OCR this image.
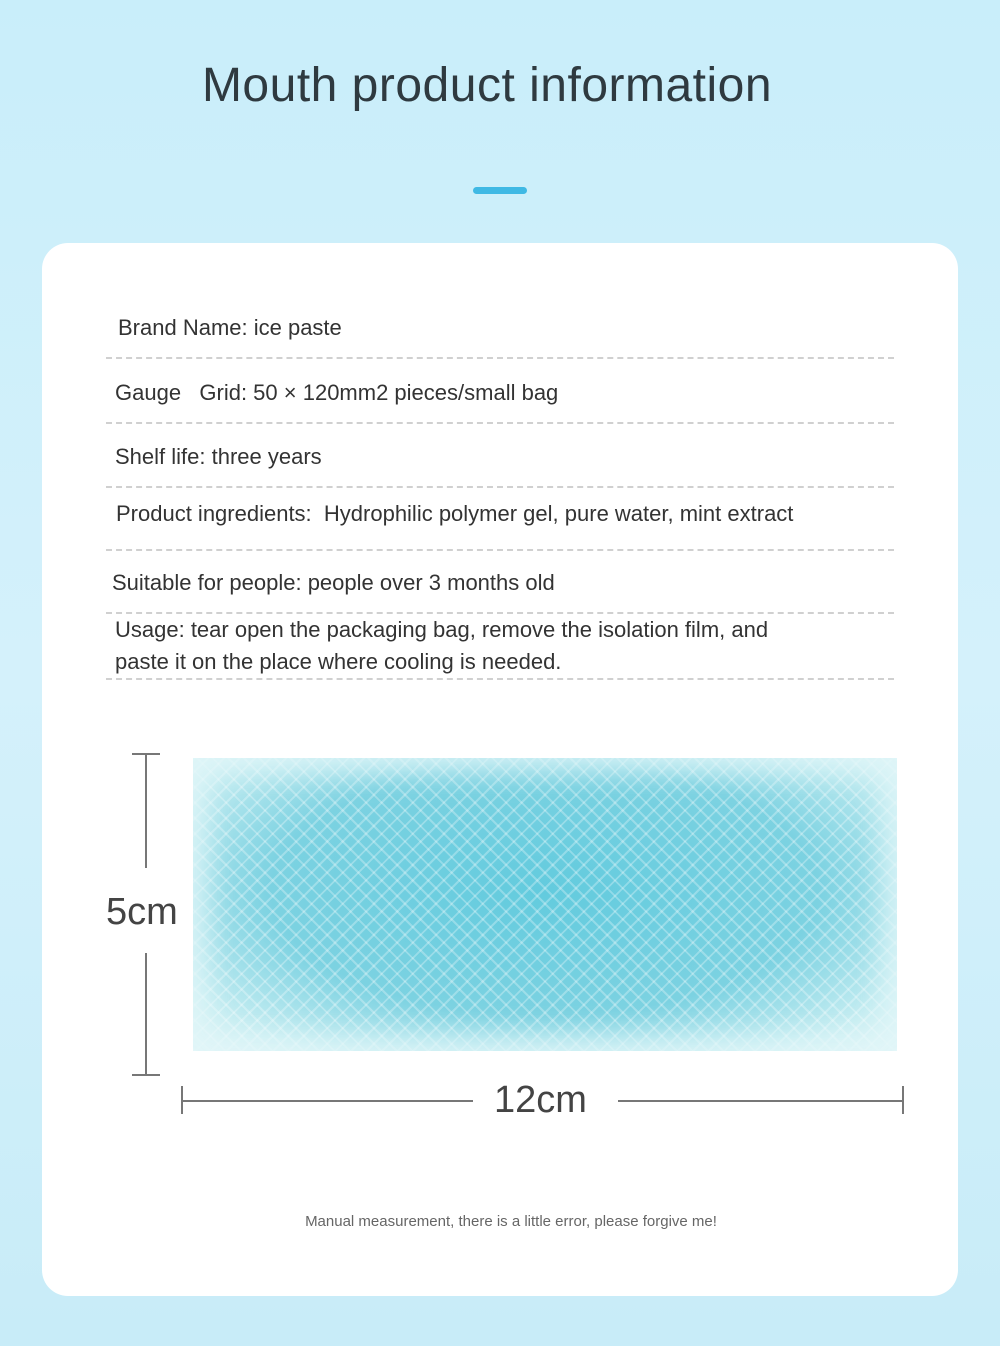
Mouth product information
Brand Name: ice paste
Gauge   Grid: 50 × 120mm2 pieces/small bag
Shelf life: three years
Product ingredients:  Hydrophilic polymer gel, pure water, mint extract
Suitable for people: people over 3 months old
Usage: tear open the packaging bag, remove the isolation film, and
paste it on the place where cooling is needed.
5cm
12cm
Manual measurement, there is a little error, please forgive me!
